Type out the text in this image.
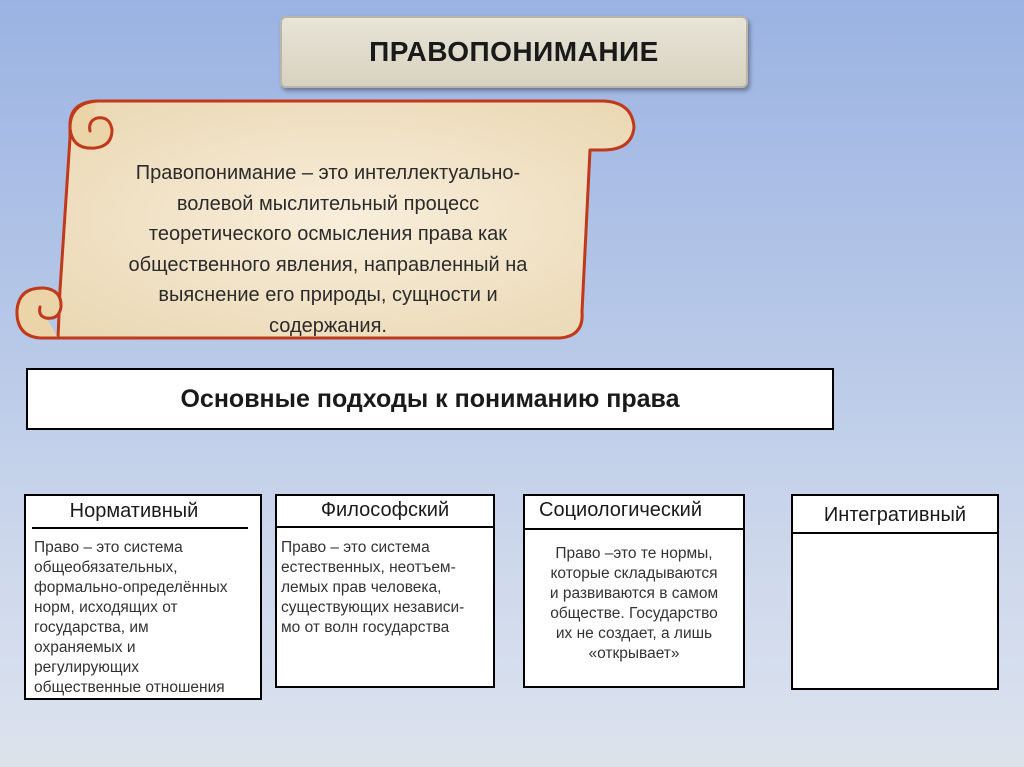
ПРАВОПОНИМАНИЕ
Правопонимание – это интеллектуально-
волевой мыслительный процесс
теоретического осмысления права как
общественного явления, направленный на
выяснение его природы, сущности и
содержания.
Основные подходы к пониманию права
Нормативный
Право – это система
общеобязательных,
формально-определённых
норм, исходящих от
государства, им
охраняемых и
регулирующих
общественные отношения
Философский
Право – это система
естественных, неотъем-
лемых прав человека,
существующих независи-
мо от волн государства
Социологический
Право –это те нормы,
которые складываются
и развиваются в самом
обществе. Государство
их не создает, а лишь
«открывает»
Интегративный
